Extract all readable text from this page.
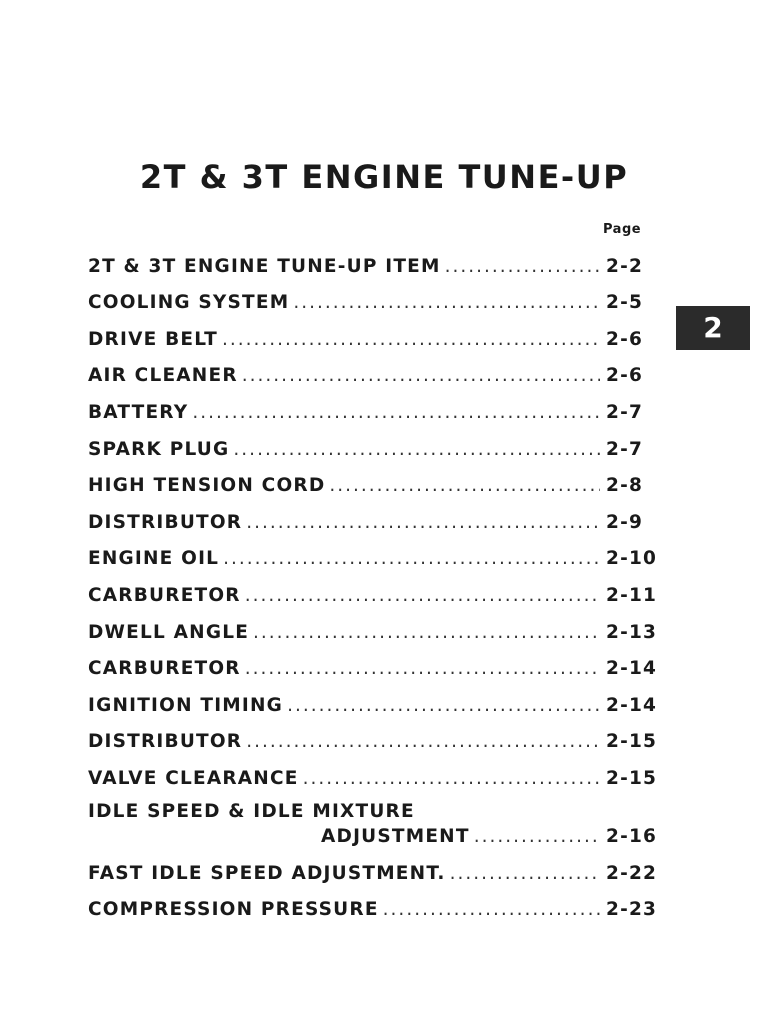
2T & 3T ENGINE TUNE-UP
Page
2
2T & 3T ENGINE TUNE-UP ITEM .....	2-2
COOLING SYSTEM .....	2-5
DRIVE BELT .....	2-6
AIR CLEANER .....	2-6
BATTERY .....	2-7
SPARK PLUG .....	2-7
HIGH TENSION CORD .....	2-8
DISTRIBUTOR .....	2-9
ENGINE OIL .....	2-10
CARBURETOR .....	2-11
DWELL ANGLE .....	2-13
CARBURETOR .....	2-14
IGNITION TIMING .....	2-14
DISTRIBUTOR .....	2-15
VALVE CLEARANCE .....	2-15
IDLE SPEED & IDLE MIXTURE
ADJUSTMENT .....	2-16
FAST IDLE SPEED ADJUSTMENT. .....	2-22
COMPRESSION PRESSURE .....	2-23
